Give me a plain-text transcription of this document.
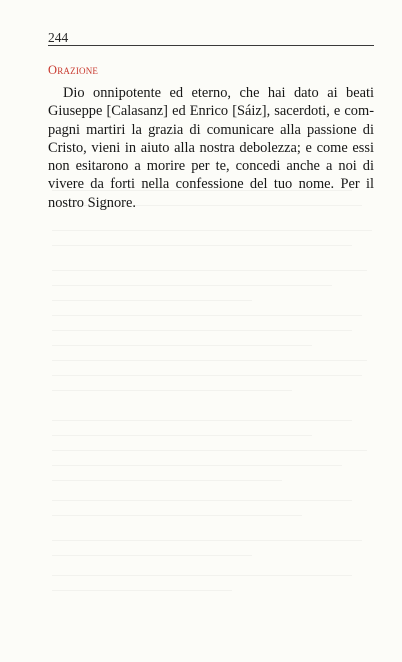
244
Orazione

Dio onnipotente ed eterno, che hai dato ai beati Giuseppe [Calasanz] ed Enrico [Sáiz], sacerdoti, e compagni martiri la grazia di comunicare alla passione di Cristo, vieni in aiuto alla nostra debolezza; e come essi non esitarono a morire per te, concedi anche a noi di vivere da forti nella confessione del tuo nome. Per il nostro Signore.
